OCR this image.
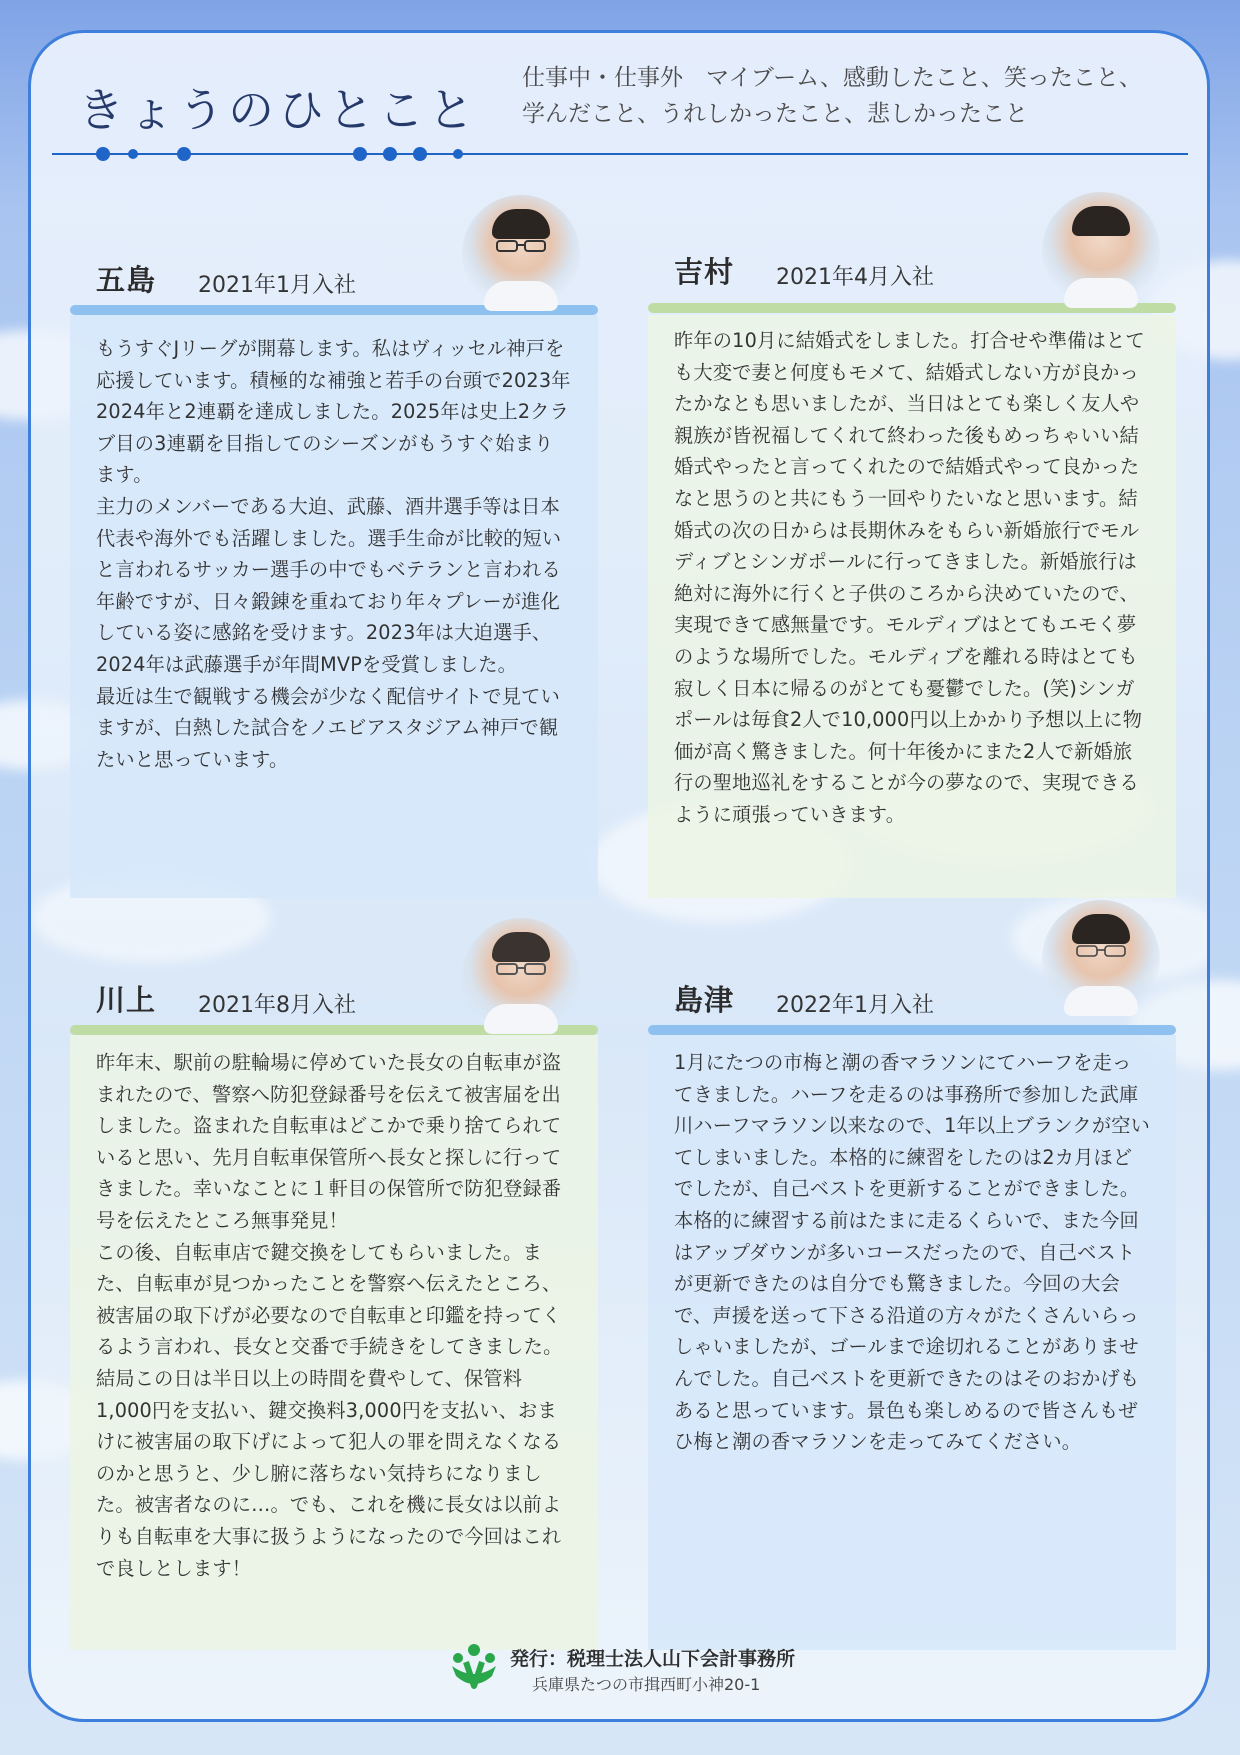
きょうのひとこと
仕事中・仕事外　マイブーム、感動したこと、笑ったこと、
学んだこと、うれしかったこと、悲しかったこと
五島 2021年1月入社

もうすぐJリーグが開幕します。私はヴィッセル神戸を応援しています。積極的な補強と若手の台頭で2023年2024年と2連覇を達成しました。2025年は史上2クラブ目の3連覇を目指してのシーズンがもうすぐ始まります。

主力のメンバーである大迫、武藤、酒井選手等は日本代表や海外でも活躍しました。選手生命が比較的短いと言われるサッカー選手の中でもベテランと言われる年齢ですが、日々鍛錬を重ねており年々プレーが進化している姿に感銘を受けます。2023年は大迫選手、2024年は武藤選手が年間MVPを受賞しました。

最近は生で観戦する機会が少なく配信サイトで見ていますが、白熱した試合をノエビアスタジアム神戸で観たいと思っています。

吉村 2021年4月入社

昨年の10月に結婚式をしました。打合せや準備はとても大変で妻と何度もモメて、結婚式しない方が良かったかなとも思いましたが、当日はとても楽しく友人や親族が皆祝福してくれて終わった後もめっちゃいい結婚式やったと言ってくれたので結婚式やって良かったなと思うのと共にもう一回やりたいなと思います。結婚式の次の日からは長期休みをもらい新婚旅行でモルディブとシンガポールに行ってきました。新婚旅行は絶対に海外に行くと子供のころから決めていたので、実現できて感無量です。モルディブはとてもエモく夢のような場所でした。モルディブを離れる時はとても寂しく日本に帰るのがとても憂鬱でした。(笑)シンガポールは毎食2人で10,000円以上かかり予想以上に物価が高く驚きました。何十年後かにまた2人で新婚旅行の聖地巡礼をすることが今の夢なので、実現できるように頑張っていきます。

川上 2021年8月入社

昨年末、駅前の駐輪場に停めていた長女の自転車が盗まれたので、警察へ防犯登録番号を伝えて被害届を出しました。盗まれた自転車はどこかで乗り捨てられていると思い、先月自転車保管所へ長女と探しに行ってきました。幸いなことに１軒目の保管所で防犯登録番号を伝えたところ無事発見！

この後、自転車店で鍵交換をしてもらいました。また、自転車が見つかったことを警察へ伝えたところ、被害届の取下げが必要なので自転車と印鑑を持ってくるよう言われ、長女と交番で手続きをしてきました。

結局この日は半日以上の時間を費やして、保管料1,000円を支払い、鍵交換料3,000円を支払い、おまけに被害届の取下げによって犯人の罪を問えなくなるのかと思うと、少し腑に落ちない気持ちになりました。被害者なのに…。でも、これを機に長女は以前よりも自転車を大事に扱うようになったので今回はこれで良しとします！

島津 2022年1月入社

1月にたつの市梅と潮の香マラソンにてハーフを走ってきました。ハーフを走るのは事務所で参加した武庫川ハーフマラソン以来なので、1年以上ブランクが空いてしまいました。本格的に練習をしたのは2カ月ほどでしたが、自己ベストを更新することができました。本格的に練習する前はたまに走るくらいで、また今回はアップダウンが多いコースだったので、自己ベストが更新できたのは自分でも驚きました。今回の大会で、声援を送って下さる沿道の方々がたくさんいらっしゃいましたが、ゴールまで途切れることがありませんでした。自己ベストを更新できたのはそのおかげもあると思っています。景色も楽しめるので皆さんもぜひ梅と潮の香マラソンを走ってみてください。

発行：税理士法人山下会計事務所
兵庫県たつの市揖西町小神20-1
